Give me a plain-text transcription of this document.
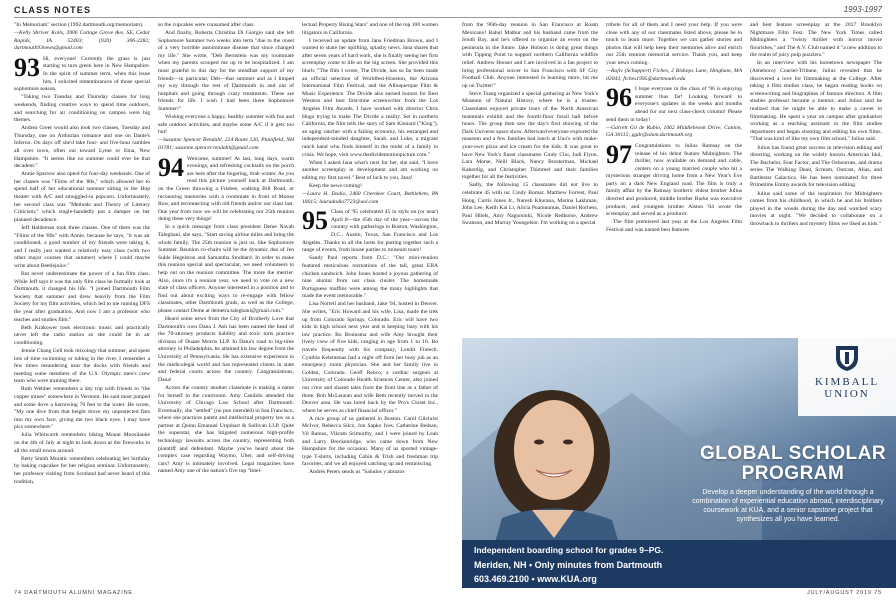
CLASS NOTES	1993-1997

"In Memoriam" section (1992.dartmouth.org/memoriam).

—Kelly Shriver Kolls, 3906 Cottage Grove Ave, SE, Cedar Rapids, IA 52403; (920) 306-2282; dartmouth93news@gmail.com

93 Hi, everyone! Currently the grass is just starting to turn green here in New Hampshire. In the spirit of summer term, when this issue hits, I solicited remembrances of those special sophomore season.

"Taking two Tuesday and Thursday classes for long weekends, finding creative ways to spend time outdoors, and searching for air conditioning on campus were big themes.

Andrea Greer would also took two classes, Tuesday and Thursday, one on Arthurian romance and one on Dante's Inferno. On days off she'd take four- and five-hour rambles all over town, often out toward Lyme or Etna, New Hampshire. "It seems like no summer could ever be that decadent."

Annie Sparrow also opted for four-day weekends. One of her classes was "Films of the '80s," which allowed her to spend half of her educational summer sitting in the Hop theater with A/C and smuggled-in popcorn. Unfortunately, her second class was "Methods and Theory of Literary Criticism," which single-handedly put a damper on her planned decadence.

Jeff Haldeman took three classes. One of them was the "Films of the '80s" with Annie, because he says, "it was air conditioned, a good number of my friends were taking it, and I really just wanted a relatively easy class (with two other major courses that summer) where I could maybe write about Beetlejuice."

But never underestimate the power of a fun film class. While Jeff says it was the only film class he formally took at Dartmouth, it changed his life. "I joined Dartmouth Film Society that summer and drew heavily from the Film Society for my film activities, which led to me running DFS the year after graduation. And now I am a professor who teaches and studies film."

Beth Krakower took electronic music and practically never left the radio station so she could be in air conditioning.

Jennie Chang Gell took mixology that summer, and spent lots of time swimming or tubing in the river. I remember a few times meandering near the docks with friends and meeting some members of the U.S. Olympic men's crew team who were training there.

Ruth Webber remembers a day trip with friends to "the copper mines" somewhere in Vermont. He said most jumped and some dove a harrowing 70 feet to the water. He wrote, "My one dive from that height drove my unprotected fists into my own face, giving me two black eyes. I may have pics somewhere."

Julia Whitworth remembers hiking Mount Moosilauke on the 4th of July at night to look down at the fireworks in all the small towns around.

Betty Smith Muratic remembers celebrating her birthday by baking cupcakes for her religion seminar. Unfortunately, her professor visiting from Scotland had never heard of this tradition,

so the cupcakes were consumed after class.

And finally, Roberta Christina Di Giorgio said she left Sophomore Summer two weeks into term "due to the onset of a very horrible autoimmune disease that since changed my life." She wrote, "Deb Bernstein was my roommate when my parents scooped me up to be hospitalized. I am most grateful to this day for the steadfast support of my friends—in particular, Deb—that summer and as I limped my way through the rest of Dartmouth in and out of hospitals and going through crazy treatments. These are friends for life. I wish I had been there Sophomore Summer!"

Wishing everyone a happy, healthy summer with fun and safe outdoor activities, and maybe some A/C if it gets too hot!

—Suzanne Spencer Rendahl, 224 Route 120, Plainfield, NH 03781; suzanne.spencer.rendahl@gmail.com

94 Welcome, summer! At last, long days, warm evenings, and refreshing cocktails on the porch are here after the lingering, drab winter. As you read this picture yourself back at Dartmouth, on the Green throwing a Frisbee, walking Bill Road, or recounting memories with a roommate in front of Moose Row, and reconnecting with old friends and/or our class last. One year from now we will be celebrating our 25th reunion doing these very things!

In a quick message from class president Deme Navab Taleghani, she says, "Start saving airline miles and bring the whole family. The 25th reunion is just us, like Sophomore Summer. Reunion co-chairs will be the dynamic duo of Jen Suhle Hegelston and Samantha Stoddard. In order to make this reunion special and spectacular, we need volunteers to help out on the reunion committee. The more the merrier. Also, since it's a reunion year, we need to vote on a new slate of class officers. Anyone interested in a position and to find out about exciting ways to re-engage with fellow classmates, other Dartmouth grads, as well as the College, please contact Deme at demetra.taleghani@gmail.com."

Heard some news from the City of Brotherly Love that Dartmouth's own Dana J. Ash has been named the head of the 70-attorney products liability and toxic torts practice division of Duane Morris LLP. In Dana's road to big-time attorney in Philadelphia, he attained his law degree from the University of Pennsylvania. He has extensive experience in the medicolegal world and has represented clients in state and federal courts across the country. Congratulations, Dana!

Across the country another classmate is making a name for herself in the courtroom. Amy Candido attended the University of Chicago Law School after Dartmouth. Eventually, she "settled" (no pun intended) in San Francisco, where she practices patent and intellectual property law as a partner at Quinn Emanuel Urquhart & Sullivan LLP. Quite the superstar, she has litigated numerous high-profile technology lawsuits across the country, representing both plaintiff and defendant. Maybe you've heard about the complex case regarding Waymo, Uber, and self-driving cars? Amy is intimately involved. Legal magazines have named Amy one of the nation's five top "Intel-

lectual Property Rising Stars" and one of the top 100 women litigators in California.

I received an update from Jana Friedman Brown, and I wanted to share her uplifting, splashy news. Jana shares that after seven years of hard work, she is finally seeing her first screenplay come to life on the big screen. She provided this blurb: "The film I wrote, The Divide, has so far been made an official selection of Worldfest-Houston, the Arizona International Film Festival, and the Albuquerque Film & Music Experience. The Divide also earned honors for Best Western and best first-time screenwriter from the Los Angeles Film Awards. I have worked with director Chris Hugo trying to make The Divide a reality. Set in northern California, the film tells the story of Sam Kinnard ("King"), an aging rancher with a failing economy, his estranged and independent-minded daughter, Sarah, and Luke, a migrant ranch hand who finds himself in the midst of a family in crisis. We hope, visit www.thedividemotionpicture.com."

When I asked Jana what's next for her, she said, "I have another screenplay in development and am working on editing my first novel." Best of luck to you, Jana!

Keep the news coming!

—Laura H. Dadio, 2460 Cherokee Court, Bethlehem, PA 18015; lauradadio7723@aol.com

95 Class of '95 celebrated 45 in style on (or near) April 8—the 45th day of the year—across the country with gatherings in Boston, Washington, D.C., Austin, Texas, San Francisco and Los Angeles. Thanks to all the hosts for putting together such a range of events, from house parties to museum tours!

Sandy Paul reports from D.C.: "Our mini-reunion featured meticulous recreations of the tall, great EBA chicken sandwich. John Jones hosted a joyous gathering of nine alumni from our class cluster. The homemade Portuguese muffins were among the many highlights that made the event memorable."

Lisa Nortell and her husband, Jake '94, hosted in Denver. She writes, "Eric Howard and his wife, Lisa, made the trek up from Colorado Springs, Colorado. Eric will have two kids in high school next year and is keeping busy with his law practice. Bo Bruinsma and wife Amy brought their lively crew of five kids, ranging in age from 1 to 16. Bo travels frequently with his company, Lendit Fintech. Cynthia Kelemenas had a night off from her busy job as an emergency room physician. She and her family live in Golden, Colorado. Geoff Renco, a cardiac surgeon at University of Colorado Health Sciences Center, also joined our crew and shared tales from the front line as a father of three. Rob McLennan and wife Beth recently moved to the Denver area. He was lured back by the Pro's Closet Inc., where he serves as chief financial officer."

A nice group of us gathered in Boston. Carol Gilchrist McIvor, Rebecca Silcz, Jon Sapko Ives, Catherine Bedsan, Vil Ramos, Vikram Srimurthy, and I were joined by Leah and Larry Breckenridge, who came down from New Hampshire for the occasion. Many of us sported vintage-type T-shirts, including Cobin & Trish and freshman trip favorites, and we all enjoyed catching up and reminiscing.

Andrés Peters sends us "Saludos y abrazos

from the 96th-day reunion in San Francisco at Roam Mexicano! Rahul Mathur and his husband came from the South Bay, and he's offered to organize an event on the peninsula in the future. Jake Hobson is doing great things with Tipping Point to support northern California wildfire relief. Andrew Hooser and I are involved in a fan project to bring professional soccer to San Francisco with SF City Football Club. Anyone interested in learning more, hit me up on Twitter!"

Steve Tsang organized a special gathering at New York's Museum of Natural History, where he is a trustee. Classmates enjoyed private tours of the North American mammals exhibit and the fourth-floor fossil hall before hours. The group then saw the day's first showing of the Dark Universe space show. Afterward everyone explored the museum and a few families had lunch at Uno's with make-your-own pizza and ice cream for the kids. It was great to have New York's finest classmates Cindy Chu, Judi Flynn, Lara Morse, Neill Black, Nancy Brosterman, Michael Kaberdig, and Christopher Thimmel and their families together for all the festivities.

Sadly, the following 15 classmates did not live to celebrate 45 with us: Cindy Bomar, Matthew Forrest, Paul Hong, Curtis Jones Jr., Naresh Khurana, Marina Lakhman, John Lee, Keith Kai Li, Alicia Puamuumas, Daniel Rorhess, Paul Hliels, Amy Nagursinki, Nicole Redhorse, Andrew Swanson, and Murray Youngelsor. I'm working on a special

tribute for all of them and I need your help. If you were close with any of our classmates listed above, please be in touch to learn more. Together we can gather stories and photos that will help keep their memories alive and enrich our 25th reunion memorial service. Thank you, and keep your news coming.

—Rajiv (Schappert) Fiches, 2 Bishops Lane, Hingham, MA 02043; fiches1995@dartmouth.edu

96 I hope everyone in the class of '96 is enjoying summer thus far! Looking forward to everyone's updates in the weeks and months ahead for our next class-check column! Please send them in today!

—Garrett Gil de Rubio, 1062 Middlebrook Drive, Canton, GA 30115; ggdr@alum.dartmouth.org

97 Congratulations to Julius Ramsay on the release of his debut feature Midnighters. The thriller, now available on demand and cable, centers on a young married couple who hit a mysterious stranger driving home from a New Year's Eve party on a dark New England road. The film is truly a family affair by the Ramsay brothers: eldest brother Julius directed and produced, middle brother Burke was executive producer, and youngest brother Alston '04 wrote the screenplay and served as a producer.

The film premiered last year at the Los Angeles Film Festival and was named best features

and best feature screenplay at the 2017 Brooklyn Nightmare Film Fest. The New York Times called Midnighters a "twisty thriller with horror movie flourishes," and The A.V. Club named it "a new addition to the realm of juicy pulp puzzlers."

In an interview with his hometown newspaper The (Asheboro) Courier-Tribune, Julius revealed that he discovered a love for filmmaking at the College. After taking a film studies class, he began reading books on screenwriting and biographies of famous directors. A film studies professor became a mentor, and Julius said he realized that he might be able to make a career in filmmaking. He spent a year on campus after graduation working as a teaching assistant in the film studies department and began shooting and editing his own films. "That was kind of like my own film school," Julius said.

Julius has found great success in television editing and directing, working on the widely known American Idol, The Bachelor, Fear Factor, and The Osbournes, and drama series The Walking Dead, Scream, Outcast, Alias, and Battlestar Galactica. He has been nominated for three Primetime Emmy awards for television editing.

Julius said some of the inspiration for Midnighters comes from his childhood, in which he and his brothers played in the woods during the day and watched scary movies at night. "We decided to collaborate on a throwback to thrillers and mystery films we liked as kids."

KIMBALL
UNION
GLOBAL SCHOLAR
PROGRAM
Develop a deeper understanding of the world through a combination of experiential education abroad, interdisciplinary coursework at KUA, and a senior capstone project that synthesizes all you have learned.
Independent boarding school for grades 9–PG.
Meriden, NH • Only minutes from Dartmouth
603.469.2100 • www.KUA.org
74 DARTMOUTH ALUMNI MAGAZINE	JULY/AUGUST 2019 75
